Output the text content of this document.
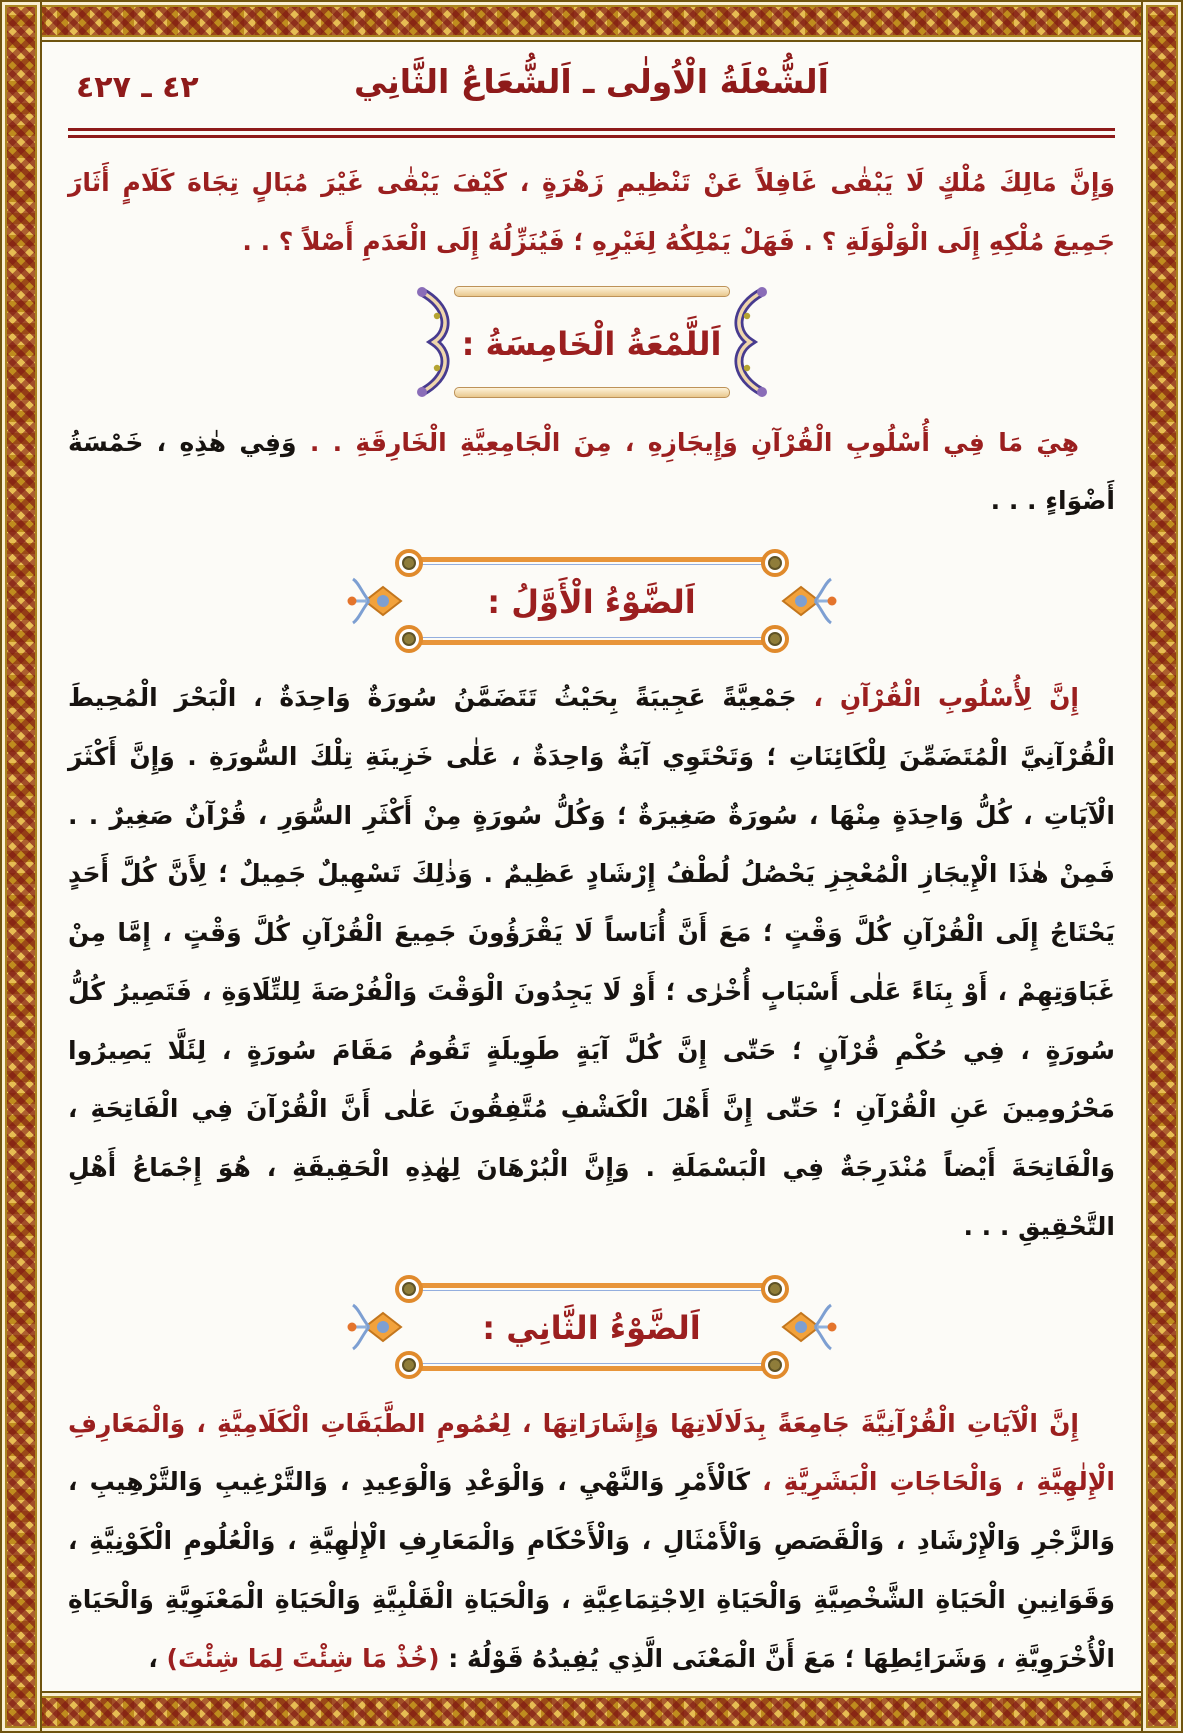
٤٢ ـ ٤٢٧	اَلشُّعْلَةُ الْاُولٰى ـ اَلشُّعَاعُ الثَّانِي

وَإِنَّ مَالِكَ مُلْكٍ لَا يَبْقٰى غَافِلاً عَنْ تَنْظِيمِ زَهْرَةٍ ، كَيْفَ يَبْقٰى غَيْرَ مُبَالٍ تِجَاهَ كَلَامٍ أَثَارَ جَمِيعَ مُلْكِهِ إِلَى الْوَلْوَلَةِ ؟ . فَهَلْ يَمْلِكُهُ لِغَيْرِهِ ؛ فَيُنَزِّلُهُ إِلَى الْعَدَمِ أَصْلاً ؟ . .

اَللَّمْعَةُ الْخَامِسَةُ :

هِيَ مَا فِي أُسْلُوبِ الْقُرْآنِ وَإِيجَازِهِ ، مِنَ الْجَامِعِيَّةِ الْخَارِقَةِ . . وَفِي هٰذِهِ ، خَمْسَةُ أَضْوَاءٍ . . .

اَلضَّوْءُ الْأَوَّلُ :

إِنَّ لِأُسْلُوبِ الْقُرْآنِ ، جَمْعِيَّةً عَجِيبَةً بِحَيْثُ تَتَضَمَّنُ سُورَةٌ وَاحِدَةٌ ، الْبَحْرَ الْمُحِيطَ الْقُرْآنِيَّ الْمُتَضَمِّنَ لِلْكَائِنَاتِ ؛ وَتَحْتَوِي آيَةٌ وَاحِدَةٌ ، عَلٰى خَزِينَةِ تِلْكَ السُّورَةِ . وَإِنَّ أَكْثَرَ الْآيَاتِ ، كُلُّ وَاحِدَةٍ مِنْهَا ، سُورَةٌ صَغِيرَةٌ ؛ وَكُلُّ سُورَةٍ مِنْ أَكْثَرِ السُّوَرِ ، قُرْآنٌ صَغِيرٌ . . فَمِنْ هٰذَا الْإِيجَازِ الْمُعْجِزِ يَحْصُلُ لُطْفُ إِرْشَادٍ عَظِيمٌ . وَذٰلِكَ تَسْهِيلٌ جَمِيلٌ ؛ لِأَنَّ كُلَّ أَحَدٍ يَحْتَاجُ إِلَى الْقُرْآنِ كُلَّ وَقْتٍ ؛ مَعَ أَنَّ أُنَاساً لَا يَقْرَؤُونَ جَمِيعَ الْقُرْآنِ كُلَّ وَقْتٍ ، إِمَّا مِنْ غَبَاوَتِهِمْ ، أَوْ بِنَاءً عَلٰى أَسْبَابٍ أُخْرٰى ؛ أَوْ لَا يَجِدُونَ الْوَقْتَ وَالْفُرْصَةَ لِلتِّلَاوَةِ ، فَتَصِيرُ كُلُّ سُورَةٍ ، فِي حُكْمِ قُرْآنٍ ؛ حَتّٰى إِنَّ كُلَّ آيَةٍ طَوِيلَةٍ تَقُومُ مَقَامَ سُورَةٍ ، لِئَلَّا يَصِيرُوا مَحْرُومِينَ عَنِ الْقُرْآنِ ؛ حَتّٰى إِنَّ أَهْلَ الْكَشْفِ مُتَّفِقُونَ عَلٰى أَنَّ الْقُرْآنَ فِي الْفَاتِحَةِ ، وَالْفَاتِحَةَ أَيْضاً مُنْدَرِجَةٌ فِي الْبَسْمَلَةِ . وَإِنَّ الْبُرْهَانَ لِهٰذِهِ الْحَقِيقَةِ ، هُوَ إِجْمَاعُ أَهْلِ التَّحْقِيقِ . . .

اَلضَّوْءُ الثَّانِي :

إِنَّ الْآيَاتِ الْقُرْآنِيَّةَ جَامِعَةً بِدَلَالَاتِهَا وَإِشَارَاتِهَا ، لِعُمُومِ الطَّبَقَاتِ الْكَلَامِيَّةِ ، وَالْمَعَارِفِ الْإِلٰهِيَّةِ ، وَالْحَاجَاتِ الْبَشَرِيَّةِ ، كَالْأَمْرِ وَالنَّهْيِ ، وَالْوَعْدِ وَالْوَعِيدِ ، وَالتَّرْغِيبِ وَالتَّرْهِيبِ ، وَالزَّجْرِ وَالْإِرْشَادِ ، وَالْقَصَصِ وَالْأَمْثَالِ ، وَالْأَحْكَامِ وَالْمَعَارِفِ الْإِلٰهِيَّةِ ، وَالْعُلُومِ الْكَوْنِيَّةِ ، وَقَوَانِينِ الْحَيَاةِ الشَّخْصِيَّةِ وَالْحَيَاةِ الِاجْتِمَاعِيَّةِ ، وَالْحَيَاةِ الْقَلْبِيَّةِ وَالْحَيَاةِ الْمَعْنَوِيَّةِ وَالْحَيَاةِ الْأُخْرَوِيَّةِ ، وَشَرَائِطِهَا ؛ مَعَ أَنَّ الْمَعْنَى الَّذِي يُفِيدُهُ قَوْلُهُ : (خُذْ مَا شِئْتَ لِمَا شِئْتَ) ،
